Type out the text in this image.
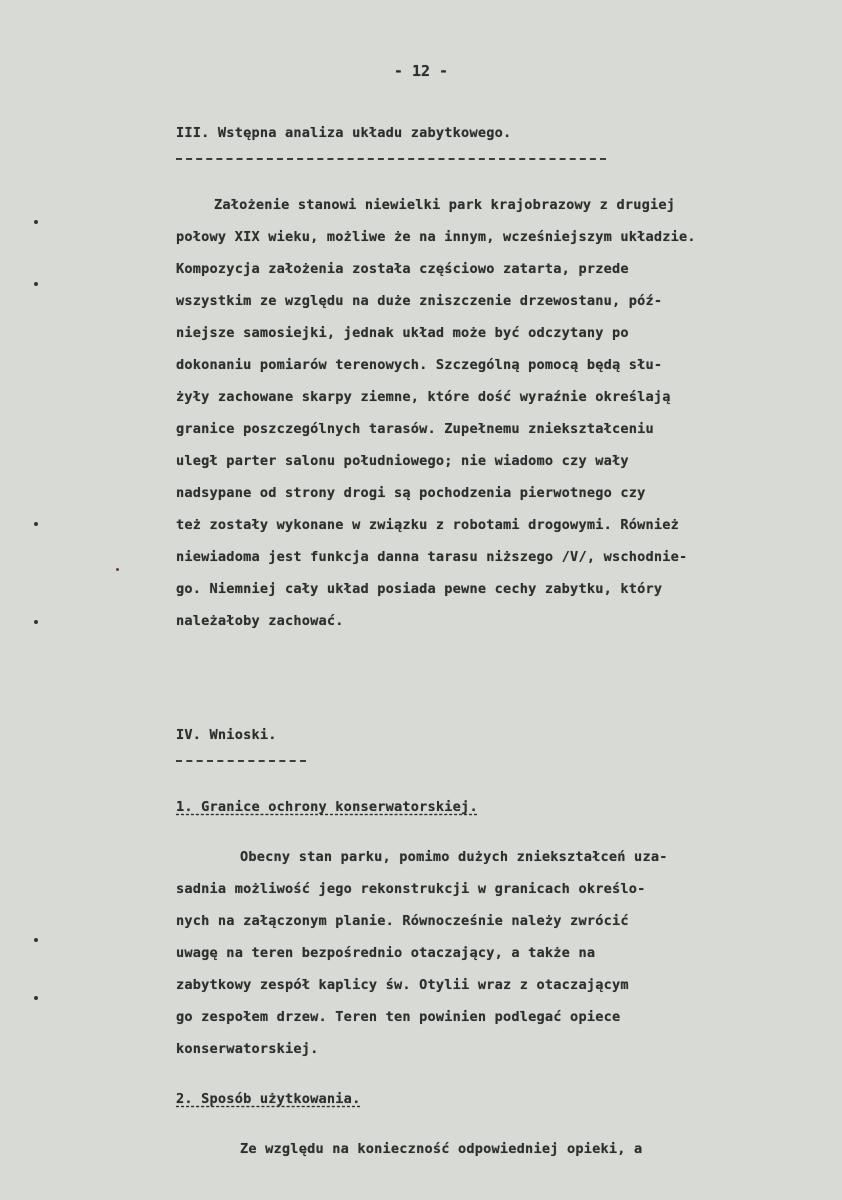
- 12 -
III. Wstępna analiza układu zabytkowego.
Założenie stanowi niewielki park krajobrazowy z drugiej
połowy XIX wieku, możliwe że na innym, wcześniejszym układzie.
Kompozycja założenia została częściowo zatarta, przede
wszystkim ze względu na duże zniszczenie drzewostanu, póź-
niejsze samosiejki, jednak układ może być odczytany po
dokonaniu pomiarów terenowych. Szczególną pomocą będą słu-
żyły zachowane skarpy ziemne, które dość wyraźnie określają
granice poszczególnych tarasów. Zupełnemu zniekształceniu
uległ parter salonu południowego; nie wiadomo czy wały
nadsypane od strony drogi są pochodzenia pierwotnego czy
też zostały wykonane w związku z robotami drogowymi. Również
niewiadoma jest funkcja danna tarasu niższego /V/, wschodnie-
go. Niemniej cały układ posiada pewne cechy zabytku, który
należałoby zachować.
IV. Wnioski.
1. Granice ochrony konserwatorskiej.
Obecny stan parku, pomimo dużych zniekształceń uza-
sadnia możliwość jego rekonstrukcji w granicach określo-
nych na załączonym planie. Równocześnie należy zwrócić
uwagę na teren bezpośrednio otaczający, a także na
zabytkowy zespół kaplicy św. Otylii wraz z otaczającym
go zespołem drzew. Teren ten powinien podlegać opiece
konserwatorskiej.
2. Sposób użytkowania.
Ze względu na konieczność odpowiedniej opieki, a
